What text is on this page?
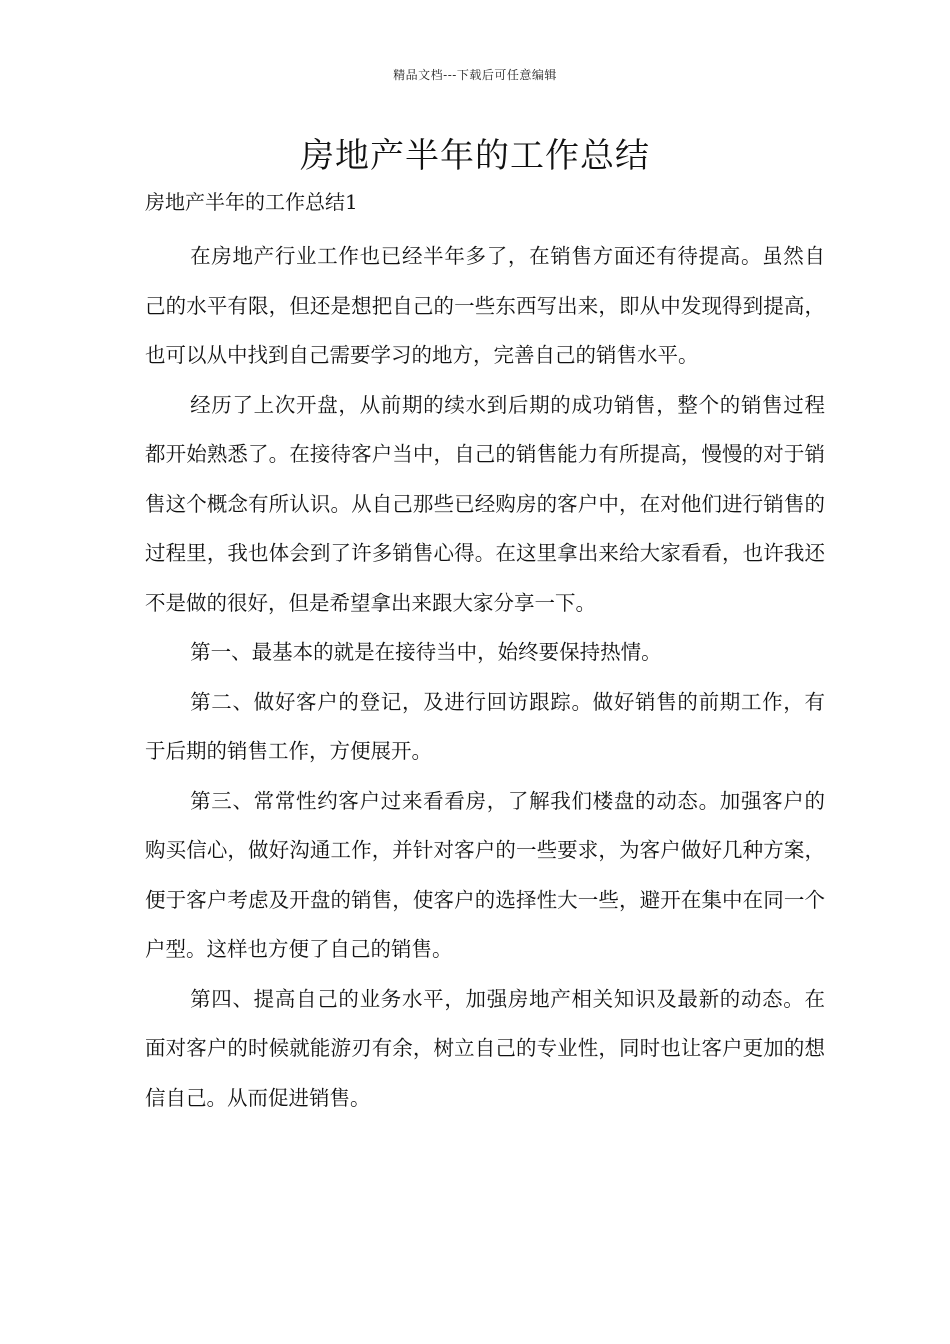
精品文档---下载后可任意编辑
房地产半年的工作总结
房地产半年的工作总结1

在房地产行业工作也已经半年多了，在销售方面还有待提高。虽然自己的水平有限，但还是想把自己的一些东西写出来，即从中发现得到提高，也可以从中找到自己需要学习的地方，完善自己的销售水平。

经历了上次开盘，从前期的续水到后期的成功销售，整个的销售过程都开始熟悉了。在接待客户当中，自己的销售能力有所提高，慢慢的对于销售这个概念有所认识。从自己那些已经购房的客户中，在对他们进行销售的过程里，我也体会到了许多销售心得。在这里拿出来给大家看看，也许我还不是做的很好，但是希望拿出来跟大家分享一下。

第一、最基本的就是在接待当中，始终要保持热情。

第二、做好客户的登记，及进行回访跟踪。做好销售的前期工作，有于后期的销售工作，方便展开。

第三、常常性约客户过来看看房，了解我们楼盘的动态。加强客户的购买信心，做好沟通工作，并针对客户的一些要求，为客户做好几种方案，便于客户考虑及开盘的销售，使客户的选择性大一些，避开在集中在同一个户型。这样也方便了自己的销售。

第四、提高自己的业务水平，加强房地产相关知识及最新的动态。在面对客户的时候就能游刃有余，树立自己的专业性，同时也让客户更加的想信自己。从而促进销售。
